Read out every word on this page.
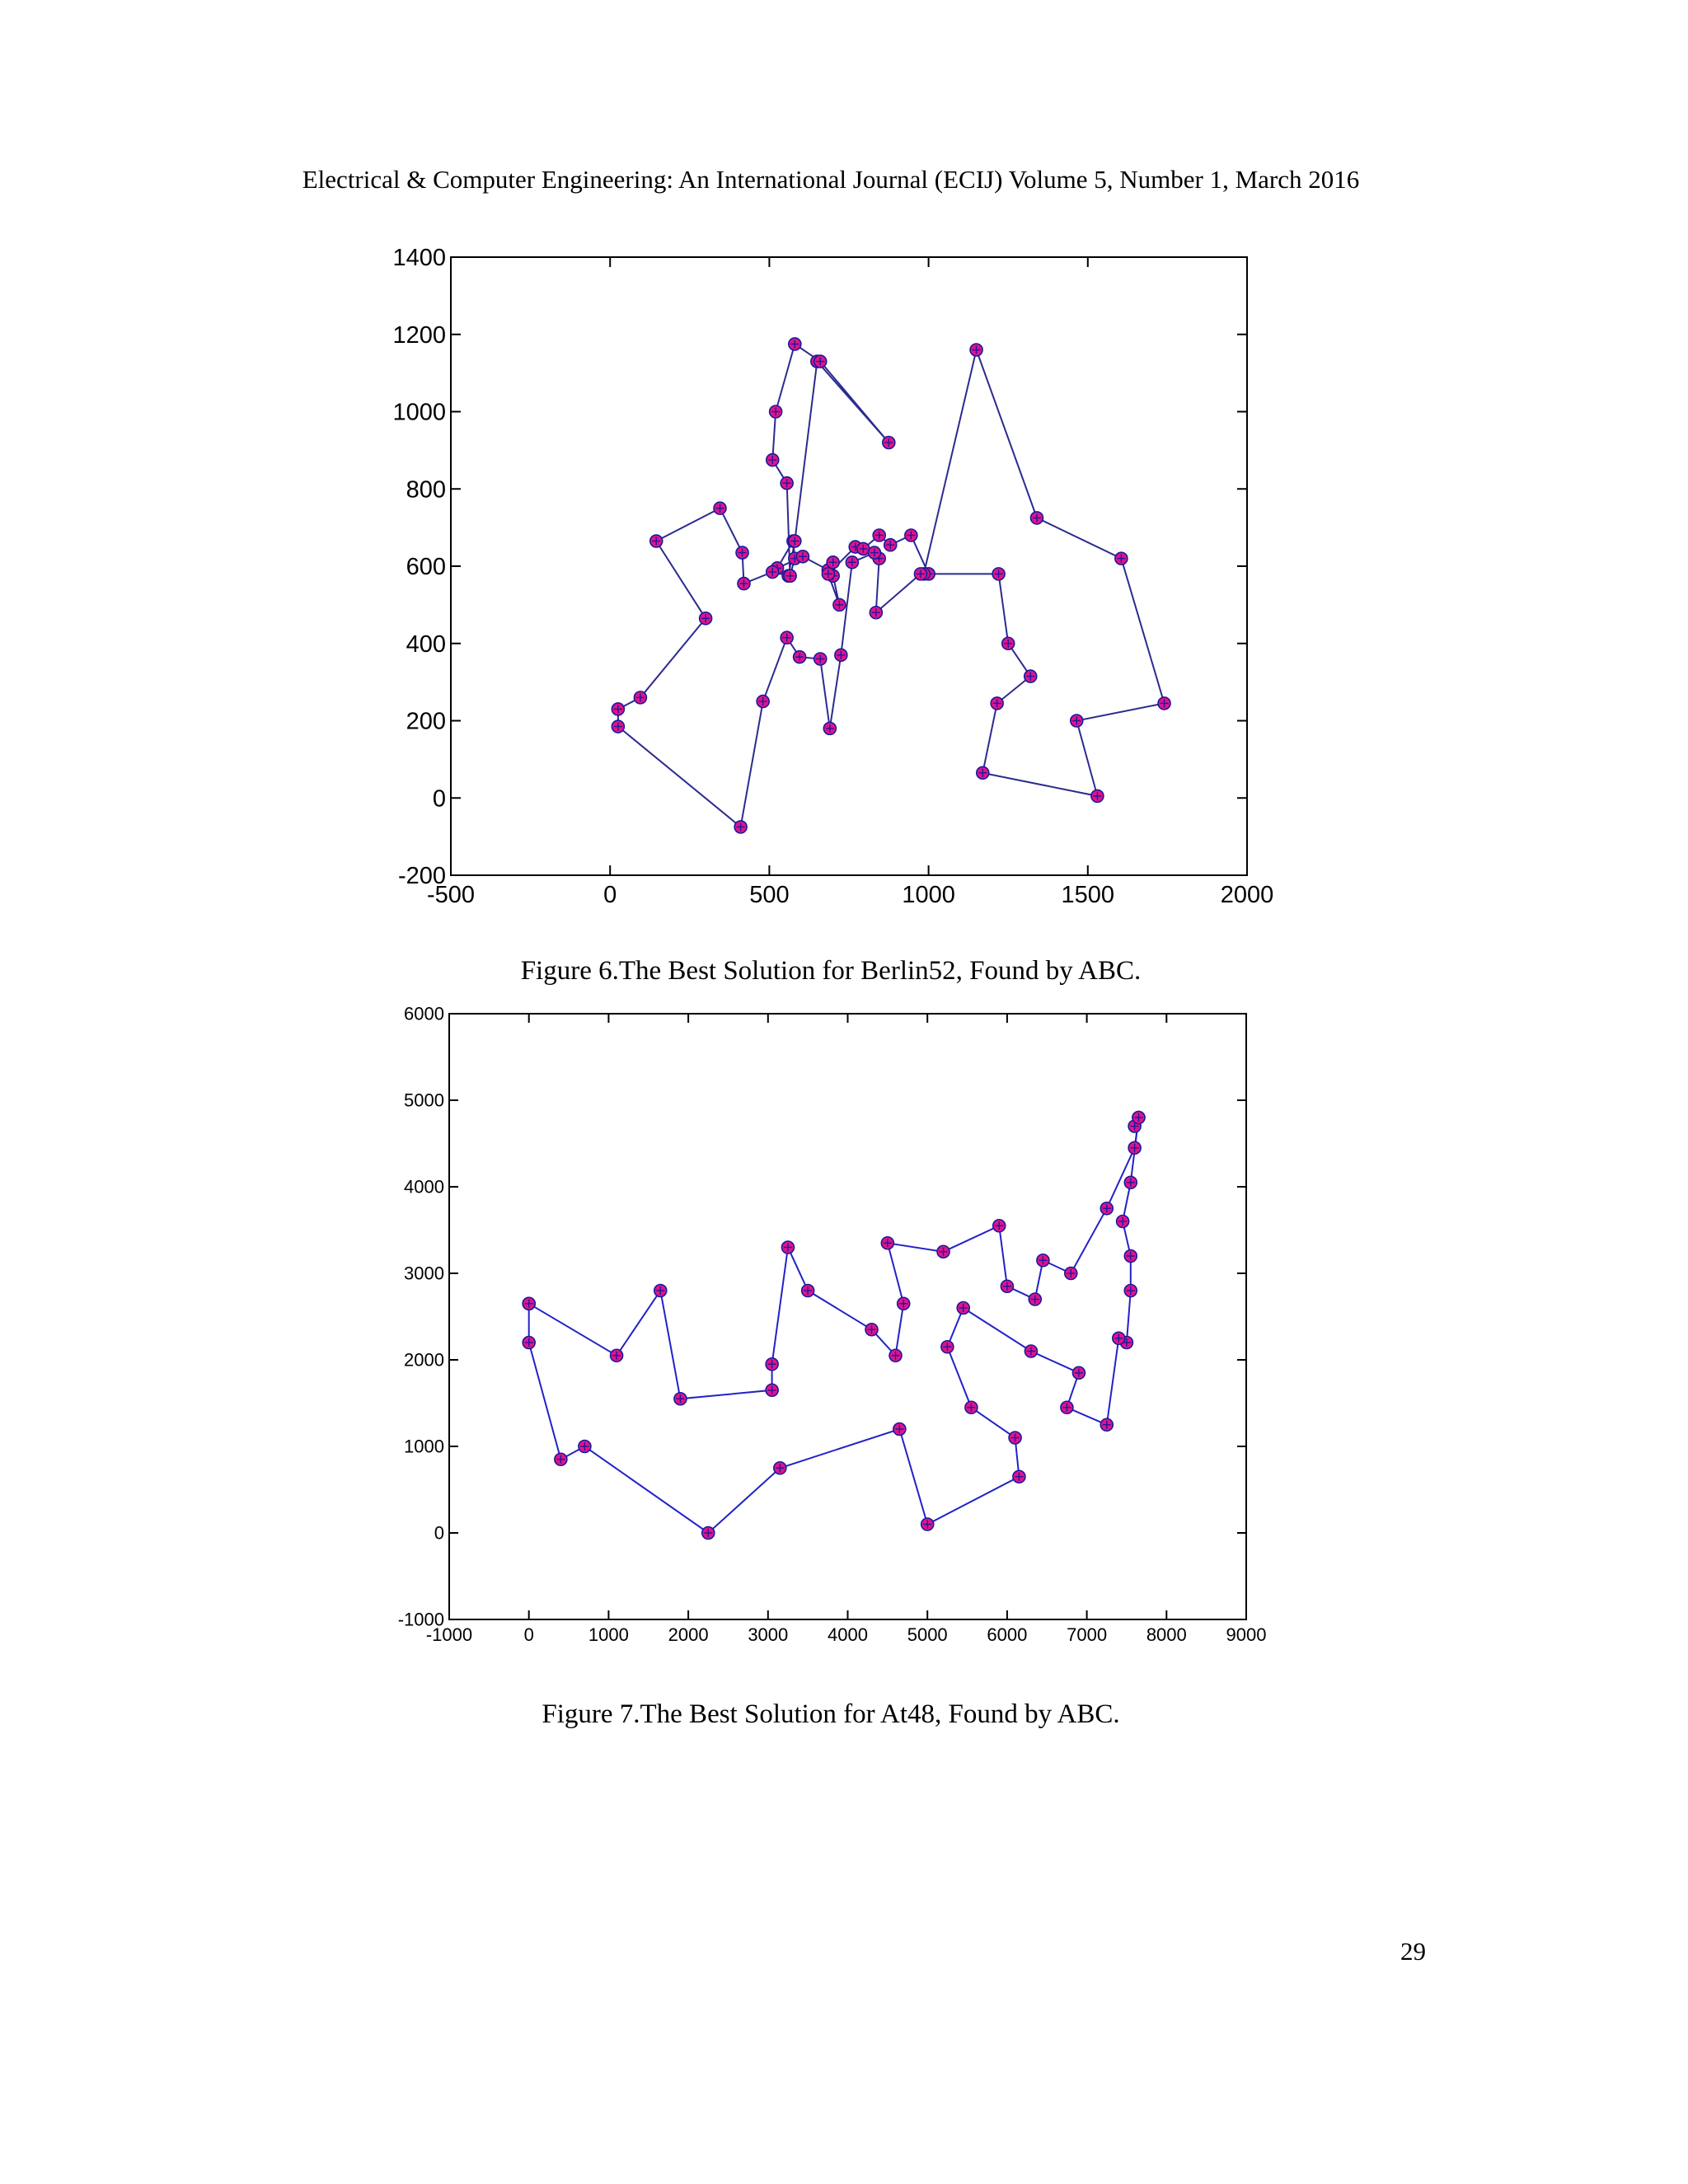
Electrical & Computer Engineering: An International Journal (ECIJ) Volume 5, Number 1, March 2016
-500	0	500	1000	1500	2000
-200
0
200
400
600
800
1000
1200
1400
Figure 6.The Best Solution for Berlin52, Found by ABC.
-1000	0	1000 2000 3000 4000 5000 6000 7000 8000 9000
-1000
0
1000
2000
3000
4000
5000
6000
Figure 7.The Best Solution for At48, Found by ABC.
29
